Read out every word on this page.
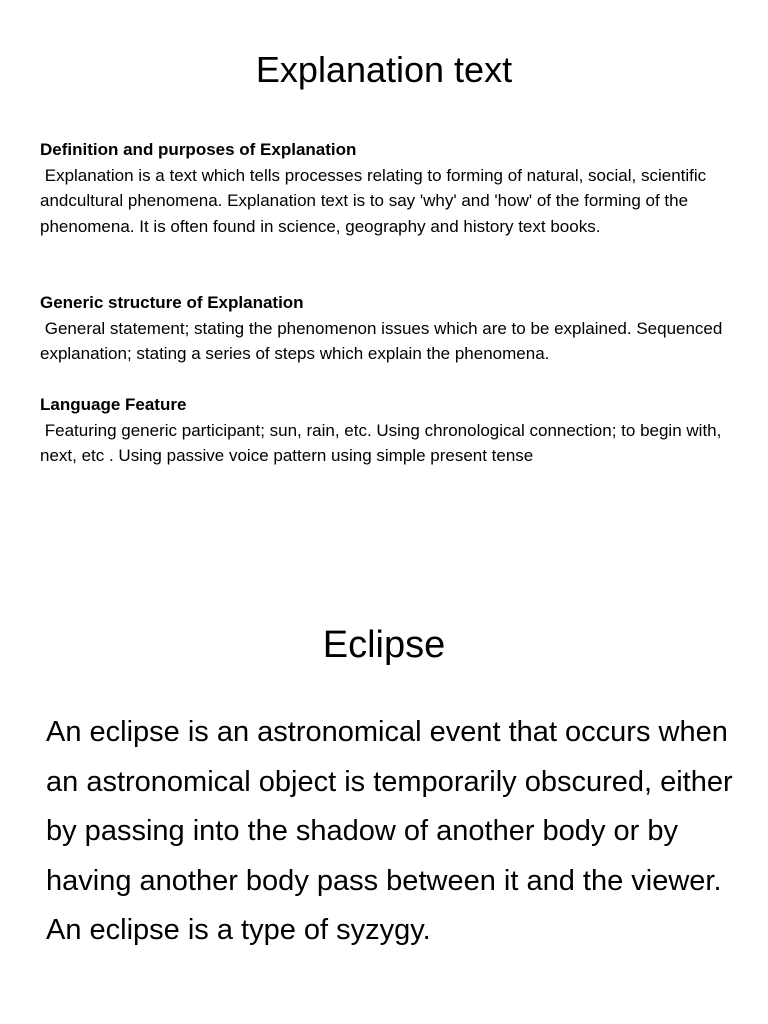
Explanation text
Definition and purposes of Explanation
Explanation is a text which tells processes relating to forming of natural, social, scientific andcultural phenomena. Explanation text is to say 'why' and 'how' of the forming of the phenomena. It is often found in science, geography and history text books.
Generic structure of Explanation
General statement; stating the phenomenon issues which are to be explained. Sequenced explanation; stating a series of steps which explain the phenomena.
Language Feature
Featuring generic participant; sun, rain, etc. Using chronological connection; to begin with, next, etc . Using passive voice pattern using simple present tense
Eclipse

An eclipse is an astronomical event that occurs when an astronomical object is temporarily obscured, either by passing into the shadow of another body or by having another body pass between it and the viewer. An eclipse is a type of syzygy.
